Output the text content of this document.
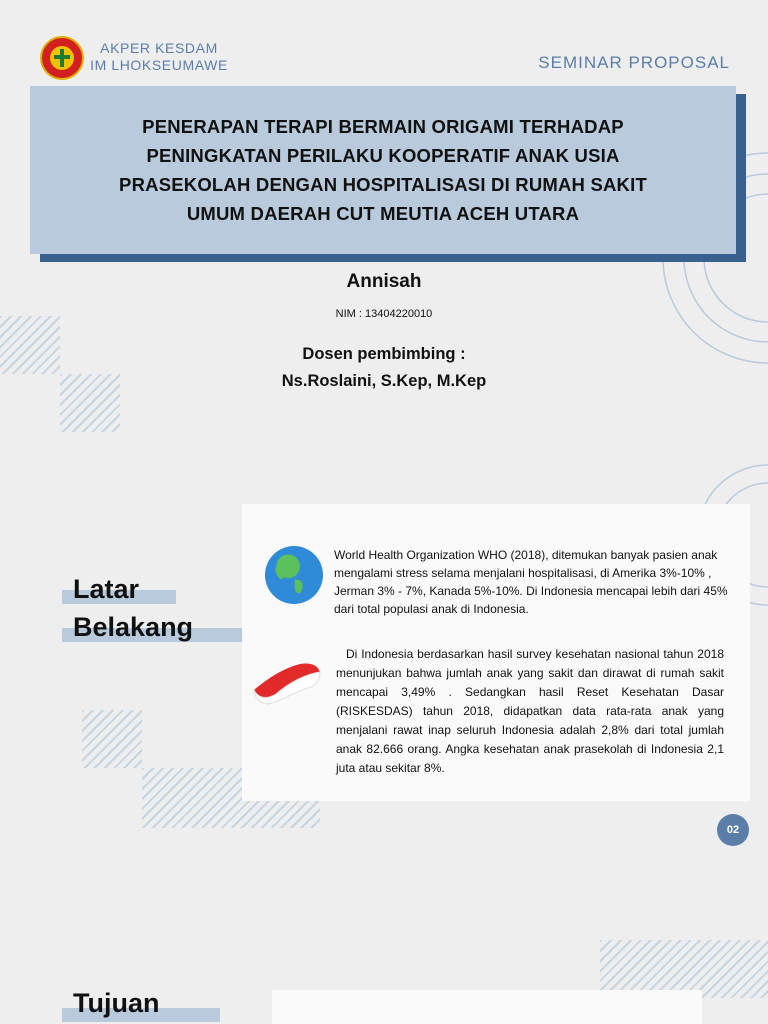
AKPER KESDAM IM LHOKSEUMAWE	SEMINAR PROPOSAL
PENERAPAN TERAPI BERMAIN ORIGAMI TERHADAP PENINGKATAN PERILAKU KOOPERATIF ANAK USIA PRASEKOLAH DENGAN HOSPITALISASI DI RUMAH SAKIT UMUM DAERAH CUT MEUTIA ACEH UTARA
Annisah
NIM : 13404220010
Dosen pembimbing :
Ns.Roslaini, S.Kep, M.Kep
Latar
Belakang
World Health Organization WHO (2018), ditemukan banyak pasien anak mengalami stress selama menjalani hospitalisasi, di Amerika 3%-10% , Jerman 3% - 7%, Kanada 5%-10%. Di Indonesia mencapai lebih dari 45% dari total populasi anak di Indonesia.
Di Indonesia berdasarkan hasil survey kesehatan nasional tahun 2018 menunjukan bahwa jumlah anak yang sakit dan dirawat di rumah sakit mencapai 3,49% . Sedangkan hasil Reset Kesehatan Dasar (RISKESDAS) tahun 2018, didapatkan data rata-rata anak yang menjalani rawat inap seluruh Indonesia adalah 2,8% dari total jumlah anak 82.666 orang. Angka kesehatan anak prasekolah di Indonesia 2,1 juta atau sekitar 8%.
02
Tujuan
